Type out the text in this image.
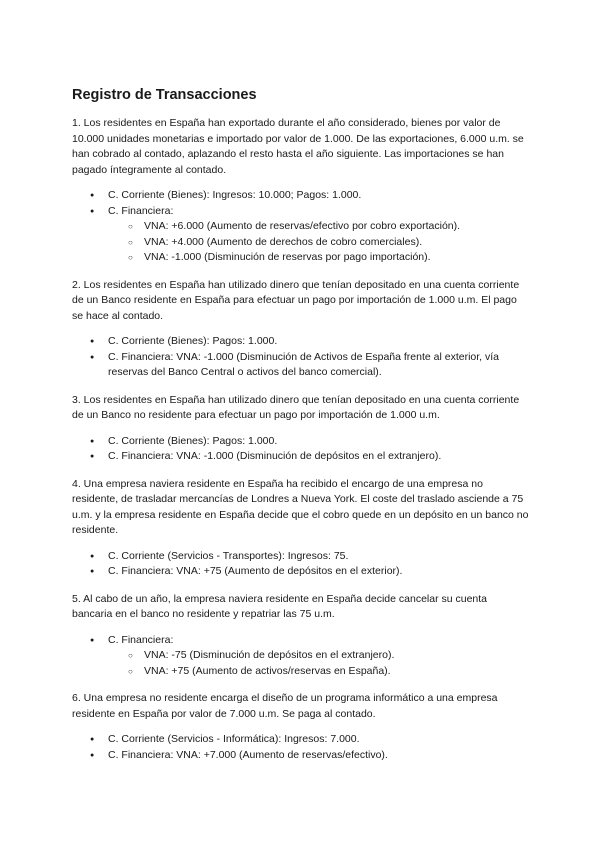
Registro de Transacciones

1. Los residentes en España han exportado durante el año considerado, bienes por valor de 10.000 unidades monetarias e importado por valor de 1.000. De las exportaciones, 6.000 u.m. se han cobrado al contado, aplazando el resto hasta el año siguiente. Las importaciones se han pagado íntegramente al contado.

● C. Corriente (Bienes): Ingresos: 10.000; Pagos: 1.000.
● C. Financiera:
○ VNA: +6.000 (Aumento de reservas/efectivo por cobro exportación).
○ VNA: +4.000 (Aumento de derechos de cobro comerciales).
○ VNA: -1.000 (Disminución de reservas por pago importación).

2. Los residentes en España han utilizado dinero que tenían depositado en una cuenta corriente de un Banco residente en España para efectuar un pago por importación de 1.000 u.m. El pago se hace al contado.

● C. Corriente (Bienes): Pagos: 1.000.
● C. Financiera: VNA: -1.000 (Disminución de Activos de España frente al exterior, vía reservas del Banco Central o activos del banco comercial).

3. Los residentes en España han utilizado dinero que tenían depositado en una cuenta corriente de un Banco no residente para efectuar un pago por importación de 1.000 u.m.

● C. Corriente (Bienes): Pagos: 1.000.
● C. Financiera: VNA: -1.000 (Disminución de depósitos en el extranjero).

4. Una empresa naviera residente en España ha recibido el encargo de una empresa no residente, de trasladar mercancías de Londres a Nueva York. El coste del traslado asciende a 75 u.m. y la empresa residente en España decide que el cobro quede en un depósito en un banco no residente.

● C. Corriente (Servicios - Transportes): Ingresos: 75.
● C. Financiera: VNA: +75 (Aumento de depósitos en el exterior).

5. Al cabo de un año, la empresa naviera residente en España decide cancelar su cuenta bancaria en el banco no residente y repatriar las 75 u.m.

● C. Financiera:
○ VNA: -75 (Disminución de depósitos en el extranjero).
○ VNA: +75 (Aumento de activos/reservas en España).

6. Una empresa no residente encarga el diseño de un programa informático a una empresa residente en España por valor de 7.000 u.m. Se paga al contado.

● C. Corriente (Servicios - Informática): Ingresos: 7.000.
● C. Financiera: VNA: +7.000 (Aumento de reservas/efectivo).
